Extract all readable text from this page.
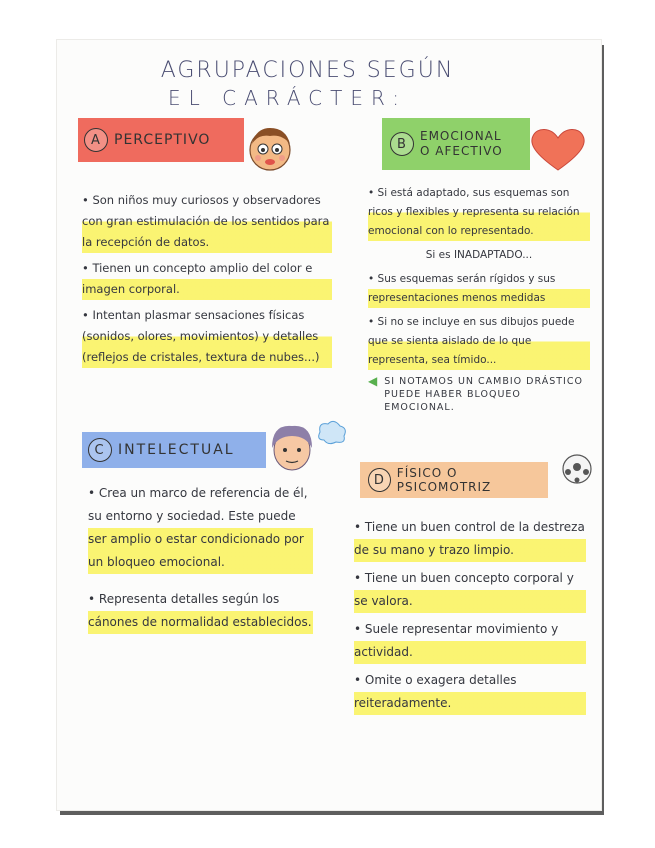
AGRUPACIONES SEGÚN
EL CARÁCTER:
A PERCEPTIVO

• Son niños muy curiosos y observadores con gran estimulación de los sentidos para la recepción de datos.

• Tienen un concepto amplio del color e imagen corporal.

• Intentan plasmar sensaciones físicas (sonidos, olores, movimientos) y detalles (reflejos de cristales, textura de nubes...)

B
EMOCIONAL
O AFECTIVO

• Si está adaptado, sus esquemas son ricos y flexibles y representa su relación emocional con lo representado.

Si es INADAPTADO...

• Sus esquemas serán rígidos y sus representaciones menos medidas

• Si no se incluye en sus dibujos puede que se sienta aislado de lo que representa, sea tímido...

◀ SI NOTAMOS UN CAMBIO DRÁSTICO PUEDE HABER BLOQUEO EMOCIONAL.
C INTELECTUAL

• Crea un marco de referencia de él, su entorno y sociedad. Este puede ser amplio o estar condicionado por un bloqueo emocional.

• Representa detalles según los cánones de normalidad establecidos.

D FÍSICO O PSICOMOTRIZ

• Tiene un buen control de la destreza de su mano y trazo limpio.

• Tiene un buen concepto corporal y se valora.

• Suele representar movimiento y actividad.

• Omite o exagera detalles reiteradamente.
